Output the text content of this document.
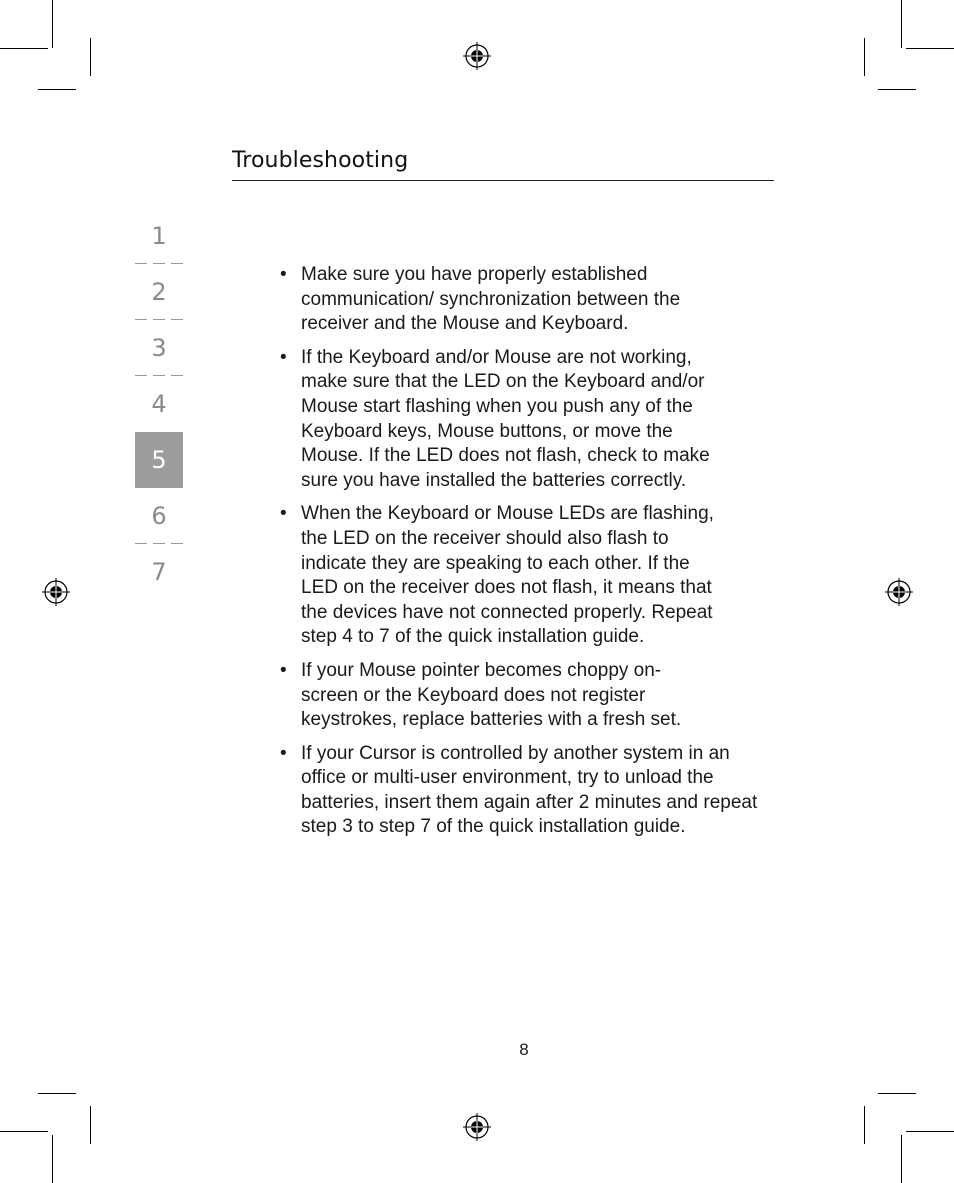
Troubleshooting
1
2
3
4
5
6
7
• Make sure you have properly established
communication/ synchronization between the
receiver and the Mouse and Keyboard.
• If the Keyboard and/or Mouse are not working,
make sure that the LED on the Keyboard and/or
Mouse start flashing when you push any of the
Keyboard keys, Mouse buttons, or move the
Mouse. If the LED does not flash, check to make
sure you have installed the batteries correctly.
• When the Keyboard or Mouse LEDs are flashing,
the LED on the receiver should also flash to
indicate they are speaking to each other. If the
LED on the receiver does not flash, it means that
the devices have not connected properly. Repeat
step 4 to 7 of the quick installation guide.
• If your Mouse pointer becomes choppy on-
screen or the Keyboard does not register
keystrokes, replace batteries with a fresh set.
• If your Cursor is controlled by another system in an
office or multi-user environment, try to unload the
batteries, insert them again after 2 minutes and repeat
step 3 to step 7 of the quick installation guide.
8
